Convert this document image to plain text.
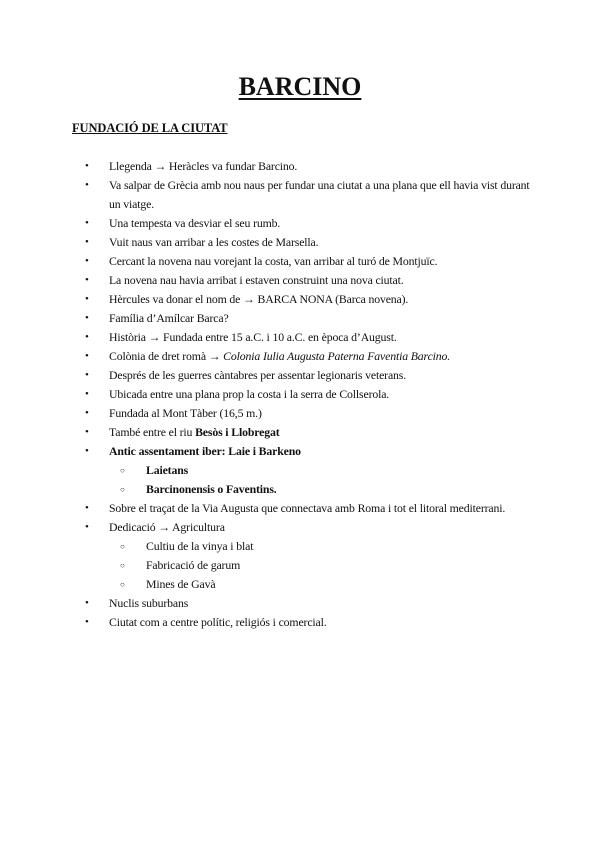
BARCINO
FUNDACIÓ DE LA CIUTAT
• Llegenda → Heràcles va fundar Barcino.
• Va salpar de Grècia amb nou naus per fundar una ciutat a una plana que ell havia vist durant un viatge.
• Una tempesta va desviar el seu rumb.
• Vuit naus van arribar a les costes de Marsella.
• Cercant la novena nau vorejant la costa, van arribar al turó de Montjuïc.
• La novena nau havia arribat i estaven construint una nova ciutat.
• Hèrcules va donar el nom de → BARCA NONA (Barca novena).
• Família d’Amílcar Barca?
• Història → Fundada entre 15 a.C. i 10 a.C. en època d’August.
• Colònia de dret romà → Colonia Iulia Augusta Paterna Faventia Barcino.
• Després de les guerres càntabres per assentar legionaris veterans.
• Ubicada entre una plana prop la costa i la serra de Collserola.
• Fundada al Mont Tàber (16,5 m.)
• També entre el riu Besòs i Llobregat
• Antic assentament iber: Laie i Barkeno
○ Laietans
○ Barcinonensis o Faventins.
• Sobre el traçat de la Via Augusta que connectava amb Roma i tot el litoral mediterrani.
• Dedicació → Agricultura
○ Cultiu de la vinya i blat
○ Fabricació de garum
○ Mines de Gavà
• Nuclis suburbans
• Ciutat com a centre polític, religiós i comercial.
